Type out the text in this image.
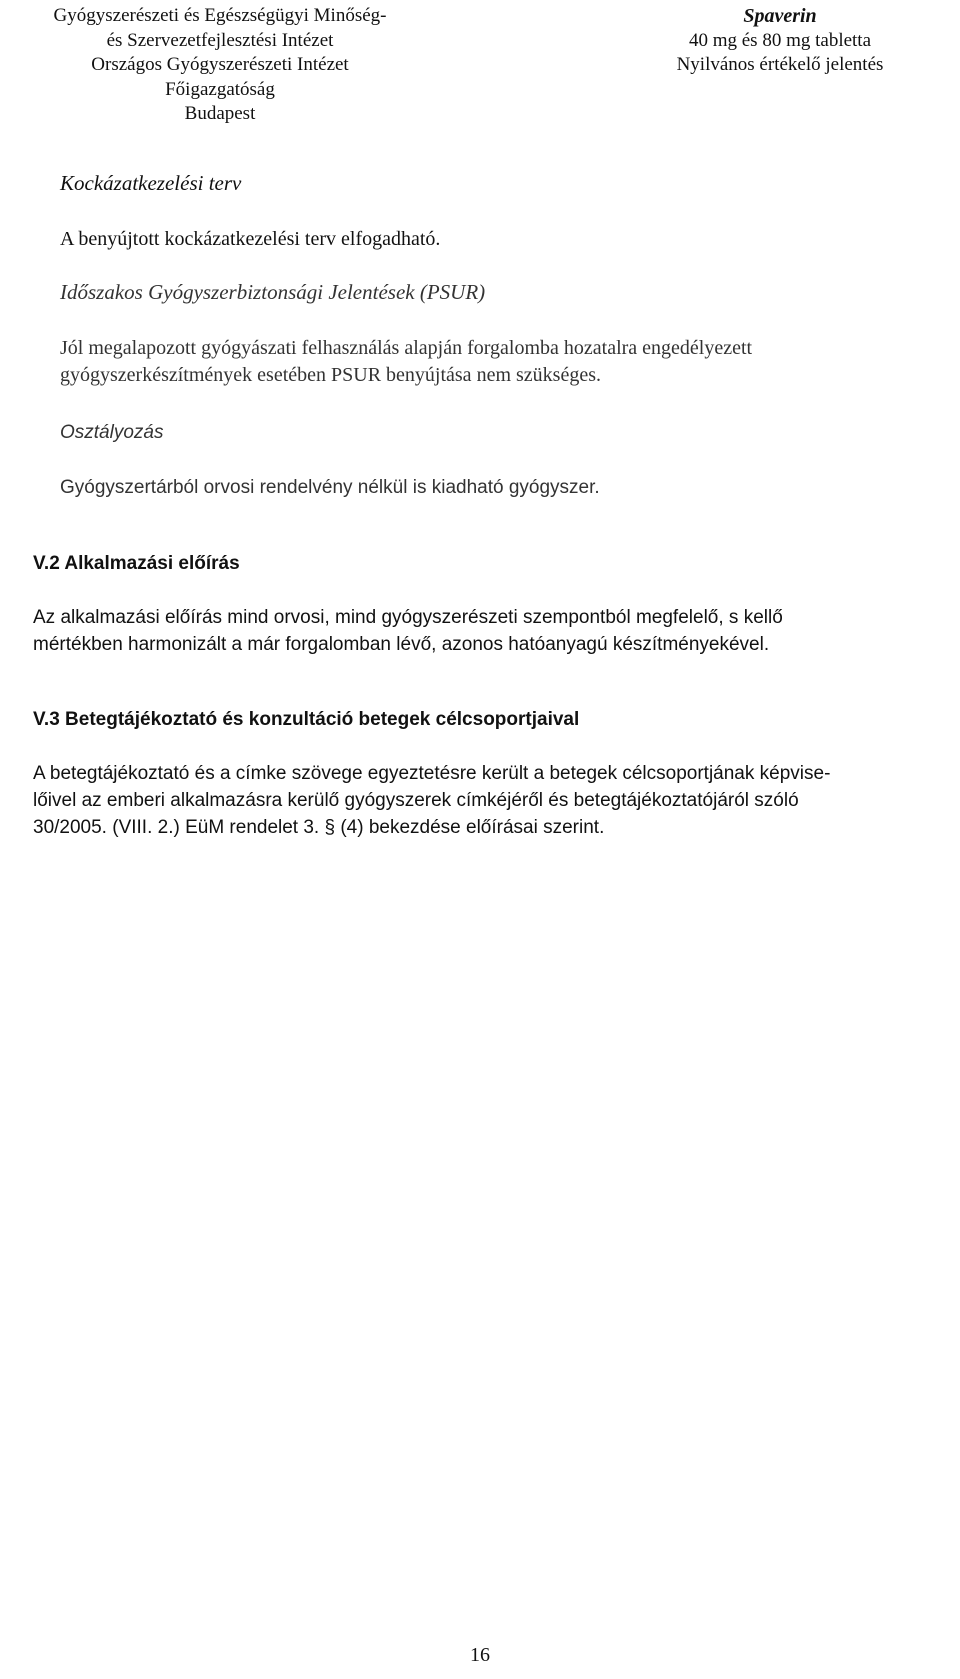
Gyógyszerészeti és Egészségügyi Minőség-
és Szervezetfejlesztési Intézet
Országos Gyógyszerészeti Intézet
Főigazgatóság
Budapest
Spaverin
40 mg és 80 mg tabletta
Nyilvános értékelő jelentés
Kockázatkezelési terv
A benyújtott kockázatkezelési terv elfogadható.
Időszakos Gyógyszerbiztonsági Jelentések (PSUR)
Jól megalapozott gyógyászati felhasználás alapján forgalomba hozatalra engedélyezett
gyógyszerkészítmények esetében PSUR benyújtása nem szükséges.
Osztályozás
Gyógyszertárból orvosi rendelvény nélkül is kiadható gyógyszer.
V.2 Alkalmazási előírás
Az alkalmazási előírás mind orvosi, mind gyógyszerészeti szempontból megfelelő, s kellő
mértékben harmonizált a már forgalomban lévő, azonos hatóanyagú készítményekével.
V.3 Betegtájékoztató és konzultáció betegek célcsoportjaival
A betegtájékoztató és a címke szövege egyeztetésre került a betegek célcsoportjának képvise-
lőivel az emberi alkalmazásra kerülő gyógyszerek címkéjéről és betegtájékoztatójáról szóló
30/2005. (VIII. 2.) EüM rendelet 3. § (4) bekezdése előírásai szerint.
16
